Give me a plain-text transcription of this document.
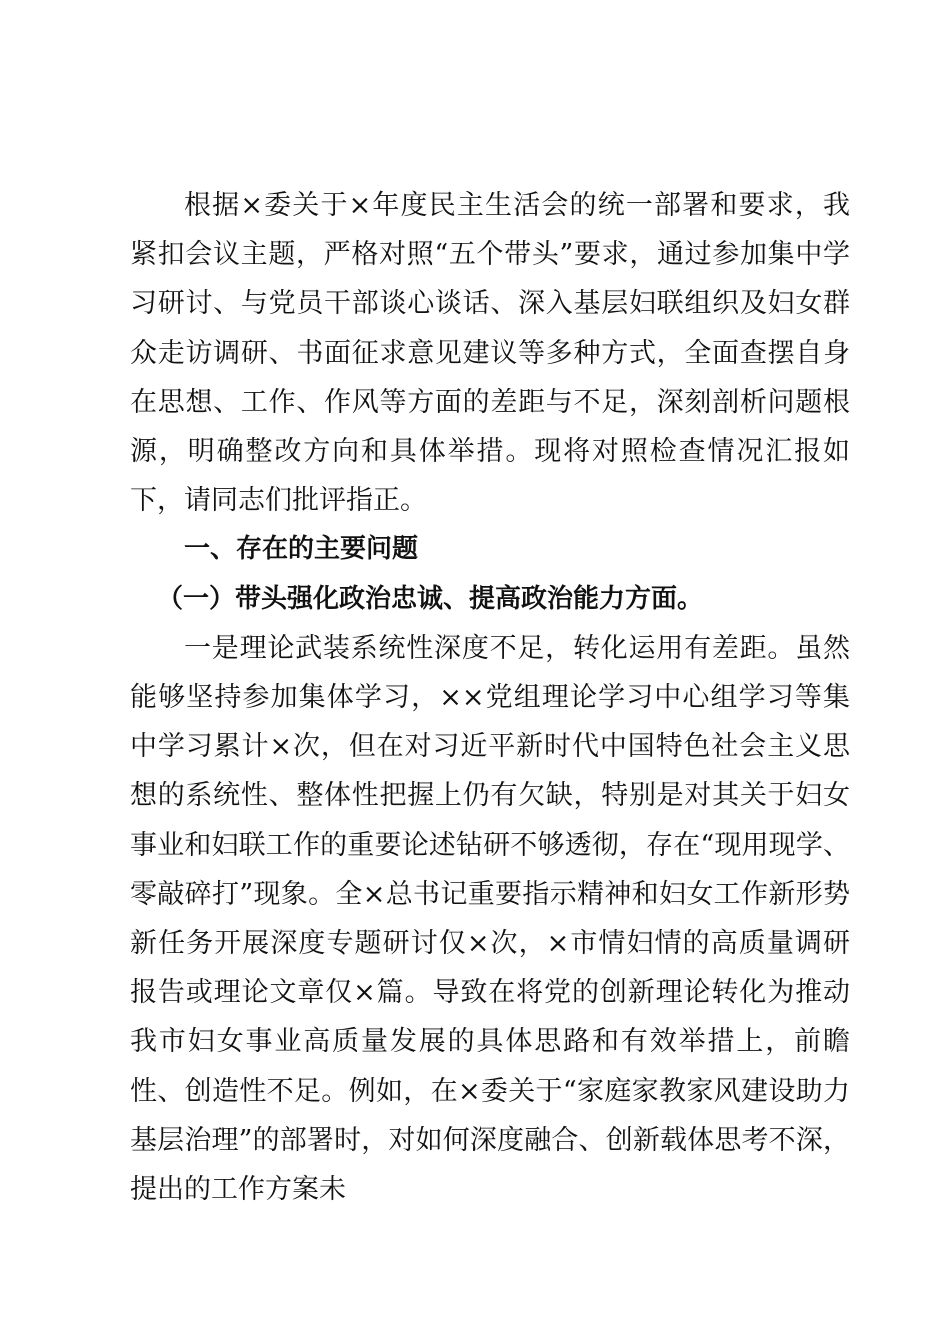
根据×委关于×年度民主生活会的统一部署和要求，我紧扣会议主题，严格对照“五个带头”要求，通过参加集中学习研讨、与党员干部谈心谈话、深入基层妇联组织及妇女群众走访调研、书面征求意见建议等多种方式，全面查摆自身在思想、工作、作风等方面的差距与不足，深刻剖析问题根源，明确整改方向和具体举措。现将对照检查情况汇报如下，请同志们批评指正。

一、存在的主要问题

（一）带头强化政治忠诚、提高政治能力方面。

一是理论武装系统性深度不足，转化运用有差距。虽然能够坚持参加集体学习，××党组理论学习中心组学习等集中学习累计×次，但在对习近平新时代中国特色社会主义思想的系统性、整体性把握上仍有欠缺，特别是对其关于妇女事业和妇联工作的重要论述钻研不够透彻，存在“现用现学、零敲碎打”现象。全×总书记重要指示精神和妇女工作新形势新任务开展深度专题研讨仅×次，×市情妇情的高质量调研报告或理论文章仅×篇。导致在将党的创新理论转化为推动我市妇女事业高质量发展的具体思路和有效举措上，前瞻性、创造性不足。例如，在×委关于“家庭家教家风建设助力基层治理”的部署时，对如何深度融合、创新载体思考不深，提出的工作方案未
